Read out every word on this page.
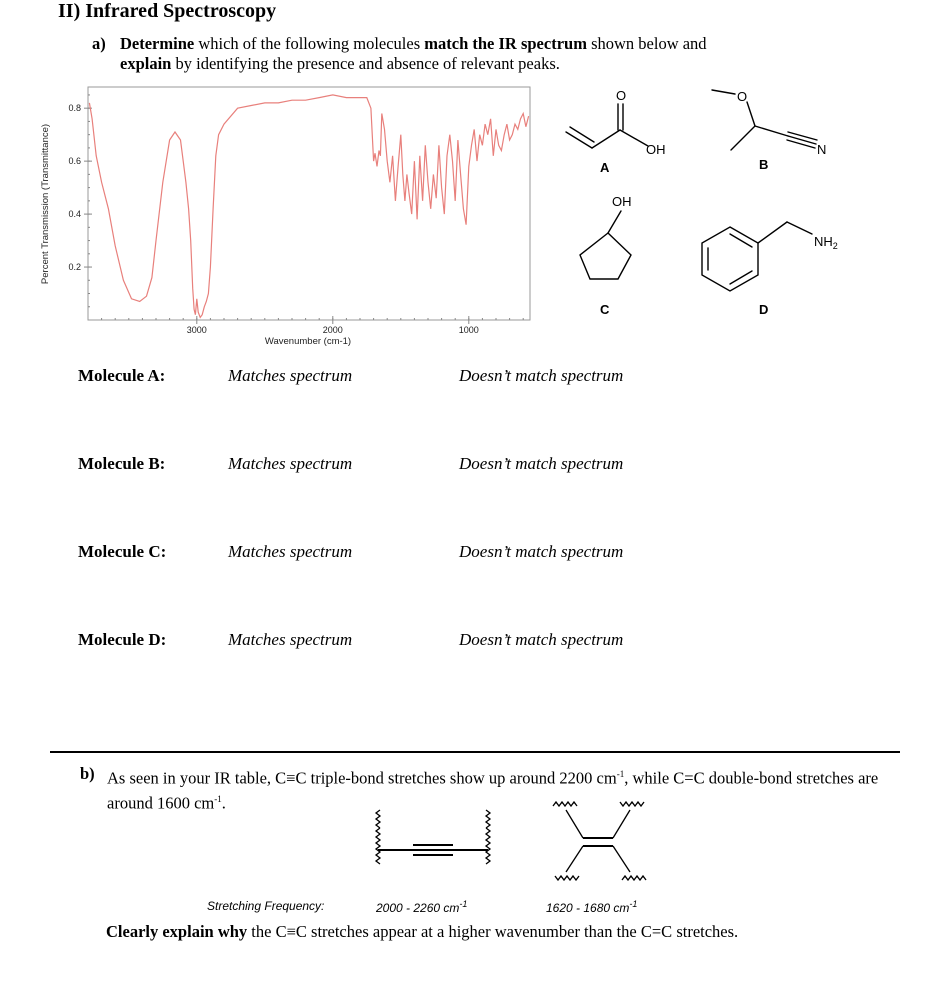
II) Infrared Spectroscopy
a) Determine which of the following molecules match the IR spectrum shown below and
explain by identifying the presence and absence of relevant peaks.
0.8
0.6
0.4
0.2
3000	2000	1000
Percent Transmission (Transmittance)
Wavenumber (cm-1)
O
OH
A
O
N
B
OH
C
$NH_2$
D
Molecule A:	Matches spectrum	Doesn’t match spectrum
Molecule B:	Matches spectrum	Doesn’t match spectrum
Molecule C:	Matches spectrum	Doesn’t match spectrum
Molecule D:	Matches spectrum	Doesn’t match spectrum
b) As seen in your IR table, C≡C triple-bond stretches show up around 2200 $cm^{-1}$, while C=C double-bond stretches are around 1600 $cm^{-1}$.
Stretching Frequency:	2000 - 2260 $cm^{-1}$	1620 - 1680 $cm^{-1}$
Clearly explain why the C≡C stretches appear at a higher wavenumber than the C=C stretches.
